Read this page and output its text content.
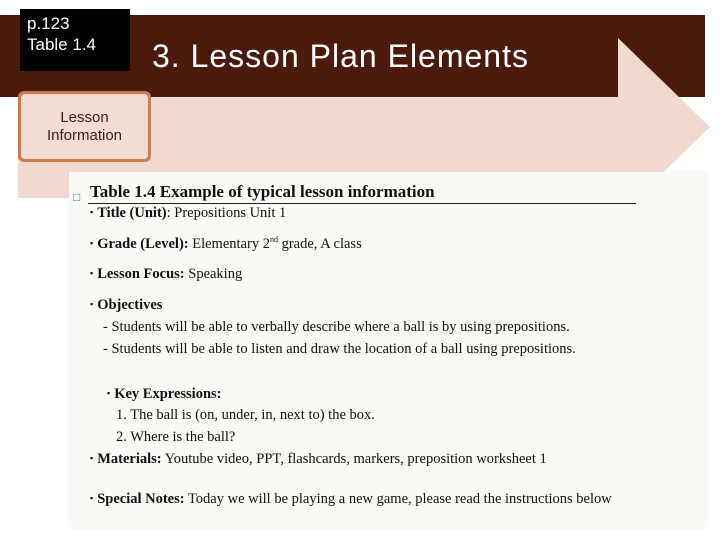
p.123
Table 1.4	3. Lesson Plan Elements
Lesson
Information
□ Table 1.4 Example of typical lesson information
▪ Title (Unit): Prepositions Unit 1
▪ Grade (Level): Elementary 2nd grade, A class
▪ Lesson Focus: Speaking
▪ Objectives
- Students will be able to verbally describe where a ball is by using prepositions.
- Students will be able to listen and draw the location of a ball using prepositions.
▪ Key Expressions:
1. The ball is (on, under, in, next to) the box.
2. Where is the ball?
▪ Materials: Youtube video, PPT, flashcards, markers, preposition worksheet 1
▪ Special Notes: Today we will be playing a new game, please read the instructions below
